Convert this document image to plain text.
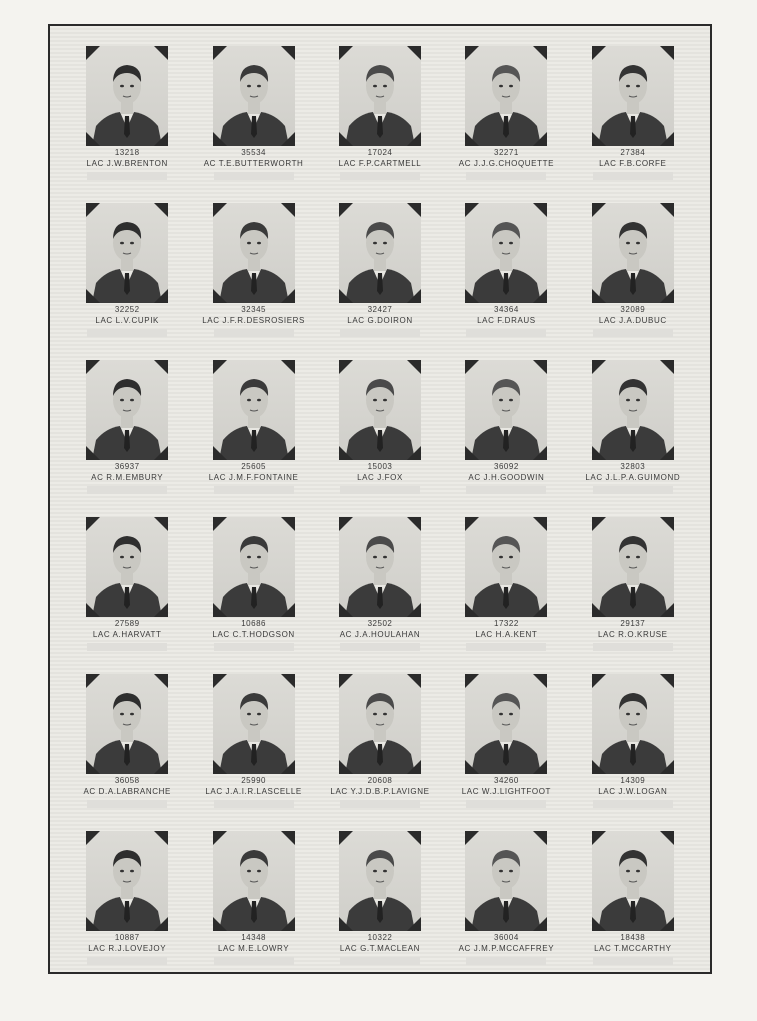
13218
LAC J.W.BRENTON
35534
AC T.E.BUTTERWORTH
17024
LAC F.P.CARTMELL
32271
AC J.J.G.CHOQUETTE
27384
LAC F.B.CORFE
32252
LAC L.V.CUPIK
32345
LAC J.F.R.DESROSIERS
32427
LAC G.DOIRON
34364
LAC F.DRAUS
32089
LAC J.A.DUBUC
36937
AC R.M.EMBURY
25605
LAC J.M.F.FONTAINE
15003
LAC J.FOX
36092
AC J.H.GOODWIN
32803
LAC J.L.P.A.GUIMOND
27589
LAC A.HARVATT
10686
LAC C.T.HODGSON
32502
AC J.A.HOULAHAN
17322
LAC H.A.KENT
29137
LAC R.O.KRUSE
36058
AC D.A.LABRANCHE
25990
LAC J.A.I.R.LASCELLE
20608
LAC Y.J.D.B.P.LAVIGNE
34260
LAC W.J.LIGHTFOOT
14309
LAC J.W.LOGAN
10887
LAC R.J.LOVEJOY
14348
LAC M.E.LOWRY
10322
LAC G.T.MACLEAN
36004
AC J.M.P.MCCAFFREY
18438
LAC T.MCCARTHY
